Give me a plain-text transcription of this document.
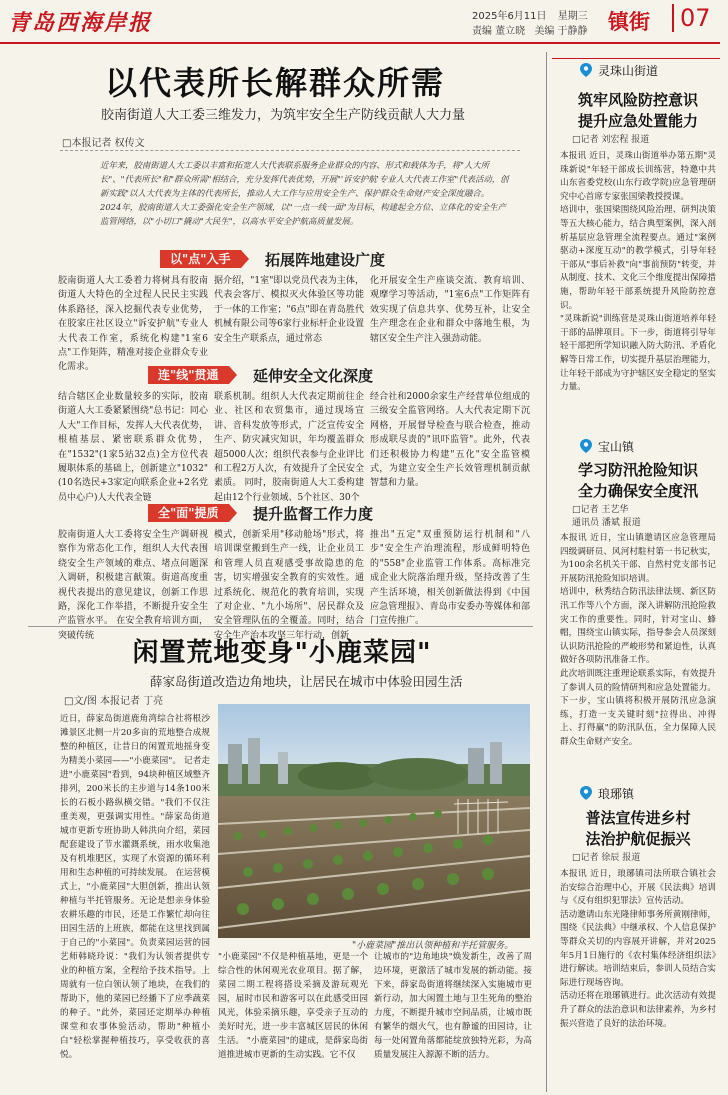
青岛西海岸报	2025年6月11日 星期三
责编 董立晓 美编 于静静 镇街	07
以代表所长解群众所需
胶南街道人大工委三维发力，为筑牢安全生产防线贡献人大力量
□本报记者 权传文
近年来，胶南街道人大工委以丰富和拓宽人大代表联系服务企业群众的内容、形式和载体为手，将"人大所长"、"代表所长"和"群众所需"相结合，充分发挥代表优势，开展"'诉安护航'专业人大代表工作室"代表活动，创新实践"以人大代表为主体的代表所长，推动人大工作与应用安全生产、保护群众生命财产安全深度融合。2024年，胶南街道人大工委强化安全生产领域，以"一点一线一面"为目标，构建起全方位、立体化的安全生产监管网络，以"小切口"撬动"大民生"，以高水平安全护航高质量发展。
以"点"入手	拓展阵地建设广度
胶南街道人大工委着力将树具有胶南街道人大特色的全过程人民民主实践体系路径，深入挖掘代表专业优势，在胶家庄社区设立"诉安护航"专业人大代表工作室，系统化构建"1室6点"工作矩阵，精准对接企业群众专业化需求。
据介绍，"1室"即以党员代表为主体，代表会客厅、模拟灭火体验区等功能于一体的工作室；"6点"即在青岛胜代机械有限公司等6家行业标杆企业设置安全生产联系点，通过常态
化开展安全生产座谈交流、教育培训、观摩学习等活动，"1室6点"工作矩阵有效实现了信息共享、优势互补，让安全生产理念在企业和群众中落地生根，为辖区安全生产注入强劲动能。
连"线"贯通	延伸安全文化深度
结合辖区企业数量较多的实际，胶南街道人大工委紧紧围绕"总书记：同心人大"工作目标，发挥人大代表优势，根植基层、紧密联系群众优势，在"1532"(1家5站32点)全方位代表履职体系的基础上，创新建立"1032"(10名选民+3家定向联系企业+2名党员中心户)人大代表全链
联系机制。组织人大代表定期前往企业、社区和农贸集市，通过现场宣讲、音科发放等形式，广泛宣传安全生产、防灾减灾知识，年均覆盖群众超5000人次；组织代表参与企业评比和工程2万人次，有效提升了全民安全素质。 同时，胶南街道人大工委构建起由12个行业领域、5个社区、30个
经合社和2000余家生产经营单位组成的三级安全监管网络。人大代表定期下沉网格，开展督导检查与联合检查，推动形成联尽责的"讯吓监管"。此外，代表们还积极协力构建"五化"安全监管模式，为建立安全生产长效管理机制贡献智慧和力量。
全"面"提质	提升监督工作力度
胶南街道人大工委将安全生产调研视察作为常态化工作，组织人大代表围绕安全生产领域的难点、堵点问题深入调研，积极建言献策。街道高度重视代表提出的意见建议，创新工作思路，深化工作举措，不断提升安全生产监管水平。 在安全教育培训方面，突破传统
模式，创新采用"移动舱场"形式，将培训课堂搬到生产一线，让企业员工和管理人员直观感受事故隐患的危害，切实增强安全教育的实效性。通过系统化、规范化的教育培训，实现了对企业、"九小场所"、居民群众及安全管理队伍的全覆盖。同时，结合安全生产治本攻坚三年行动，创新
推出"五定"双重预防运行机制和"八步"安全生产治理流程，形成鲜明特色的"558"企业监管工作体系。高标准完成企业大院落治理升级，坚持改善了生产生活环境，相关创新做法得到《中国应急管理报》、青岛市安委办等媒体和部门宣传推广。
闲置荒地变身"小鹿菜园"
薛家岛街道改造边角地块，让居民在城市中体验田园生活
□文/图 本报记者 丁亮
近日，薛家岛街道鹿角湾综合社将根沙滩景区北侧一片20多亩的荒地整合成规整的种植区，让昔日的闲置荒地摇身变为精美小菜园——"小鹿菜园"。 记者走进"小鹿菜园"看到，94块种植区域整齐排列，200米长的主步道与14条100米长的石板小路纵横交错。"我们不仅注重美观，更强调实用性。"薛家岛街道城市更新专班协助人韩洪向介绍，菜园配套建设了节水灌溉系统，雨水收集池及有机堆肥区，实现了水资源的循环利用和生态种植的可持续发展。 在运营模式上，"小鹿菜园"大胆创新，推出认领种植与半托管服务。无论是想亲身体验农耕乐趣的市民，还是工作繁忙却向往田园生活的上班族，都能在这里找到属于自己的"小菜园"。负责菜园运营的园艺师韩晓玲说："我们为认领者提供专业的种植方案，全程给予技术指导。上周就有一位白领认领了地块，在我们的帮助下，他的菜园已经播下了应季蔬菜的种子。"此外，菜园还定期举办种植课堂和农事体验活动，帮助"种植小白"轻松掌握种植技巧，享受收获的喜悦。
"小鹿菜园"推出认领种植和半托管服务。
"小鹿菜园"不仅是种植基地，更是一个综合性的休闲观光农业项目。据了解，菜园二期工程将搭设采摘及游玩观光园，届时市民和游客可以在此感受田园风光，体验采摘乐趣，享受亲子互动的美好时光，进一步丰富城区居民的休闲生活。 "小鹿菜园"的建成，是薛家岛街道推进城市更新的生动实践。它不仅
让城市的"边角地块"焕发新生，改善了周边环境，更激活了城市发展的新动能。接下来，薛家岛街道将继续深入实施城市更新行动，加大闲置土地与卫生死角的整治力度，不断提升城市空间品质，让城市既有繁华的烟火气，也有静谧的田园诗，让每一处闲置角落都能绽放独特光彩，为高质量发展注入源源不断的活力。
灵珠山街道
筑牢风险防控意识
提升应急处置能力
□记者 刘宏程 报道
本报讯 近日，灵珠山街道举办第五期"灵珠新说"年轻干部成长训练营，特邀中共山东省委党校(山东行政学院)应急管理研究中心首席专家张国梁教授授课。
培训中，张国梁围绕风险治理、研判决策等五大核心能力，结合典型案例，深入剖析基层应急管理全流程要点。通过"案例驱动+深度互动"的教学模式，引导年轻干部从"事后补救"向"事前预防"转变，并从制度、技术、文化三个维度提出保障措施，帮助年轻干部系统提升风险防控意识。
"灵珠新说"训练营是灵珠山街道培养年轻干部的品牌项目。下一步，街道将引导年轻干部把所学知识融入防大防汛、矛盾化解等日常工作，切实提升基层治理能力，让年轻干部成为守护辖区安全稳定的坚实力量。
宝山镇
学习防汛抢险知识
全力确保安全度汛
□记者 王艺华
通讯员 潘斌 报道
本报讯 近日，宝山镇邀请区应急管理局四级调研员、风河村駐村第一书记秋实，为100余名机关干部、自然村党支部书记开展防汛抢险知识培训。
培训中，秋秀结合防汛法律法规、新区防汛工作等八个方面，深入讲解防汛抢险救灾工作的重要性。同时，针对宝山、蜂帽，围绕宝山镇实际，指导参会人员深刻认识防汛抢险的严峻形势和紧迫性，认真做好各项防汛准备工作。
此次培训既注重理论联系实际，有效提升了参训人员的险情研判和应急处置能力。下一步，宝山镇将积极开展防汛应急演练，打造一支关键时刻"拉得出、冲得上、打得赢"的防汛队伍，全力保障人民群众生命财产安全。
琅琊镇
普法宣传进乡村
法治护航促振兴
□记者 徐辰 报道
本报讯 近日，琅琊镇司法所联合镇社会治安综合治理中心，开展《民法典》培训与《反有组织犯罪法》宣传活动。
活动邀请山东光隆律师事务所黄刚律师，围绕《民法典》中继承权、个人信息保护等群众关切的内容展开讲解，并对2025年5月1日施行的《农村集体经济组织法》进行解读。培训结束后，参训人员结合实际进行现场咨询。
活动还将在琅琊镇进行。此次活动有效提升了群众的法治意识和法律素养，为乡村振兴营造了良好的法治环境。
